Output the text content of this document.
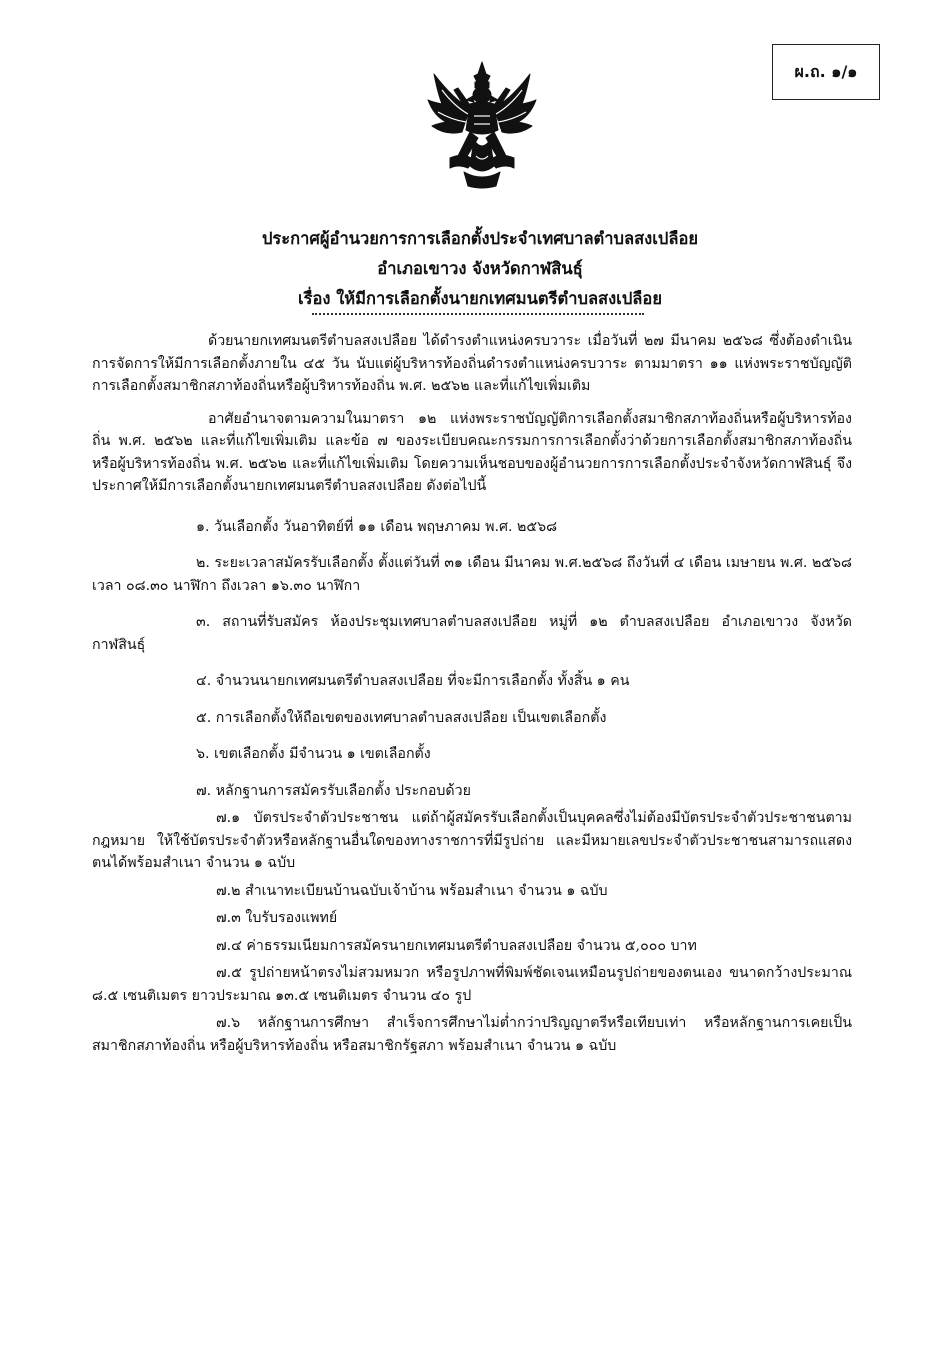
ผ.ถ. ๑/๑
ประกาศผู้อำนวยการการเลือกตั้งประจำเทศบาลตำบลสงเปลือย
อำเภอเขาวง จังหวัดกาฬสินธุ์
เรื่อง ให้มีการเลือกตั้งนายกเทศมนตรีตำบลสงเปลือย

ด้วยนายกเทศมนตรีตำบลสงเปลือย ได้ดำรงตำแหน่งครบวาระ เมื่อวันที่ ๒๗ มีนาคม ๒๕๖๘ ซึ่งต้องดำเนินการจัดการให้มีการเลือกตั้งภายใน ๔๕ วัน นับแต่ผู้บริหารท้องถิ่นดำรงตำแหน่งครบวาระ ตามมาตรา ๑๑ แห่งพระราชบัญญัติการเลือกตั้งสมาชิกสภาท้องถิ่นหรือผู้บริหารท้องถิ่น พ.ศ. ๒๕๖๒ และที่แก้ไขเพิ่มเติม

อาศัยอำนาจตามความในมาตรา ๑๒ แห่งพระราชบัญญัติการเลือกตั้งสมาชิกสภาท้องถิ่นหรือผู้บริหารท้องถิ่น พ.ศ. ๒๕๖๒ และที่แก้ไขเพิ่มเติม และข้อ ๗ ของระเบียบคณะกรรมการการเลือกตั้งว่าด้วยการเลือกตั้งสมาชิกสภาท้องถิ่นหรือผู้บริหารท้องถิ่น พ.ศ. ๒๕๖๒ และที่แก้ไขเพิ่มเติม โดยความเห็นชอบของผู้อำนวยการการเลือกตั้งประจำจังหวัดกาฬสินธุ์ จึงประกาศให้มีการเลือกตั้งนายกเทศมนตรีตำบลสงเปลือย ดังต่อไปนี้

๑. วันเลือกตั้ง วันอาทิตย์ที่ ๑๑ เดือน พฤษภาคม พ.ศ. ๒๕๖๘
๒. ระยะเวลาสมัครรับเลือกตั้ง ตั้งแต่วันที่ ๓๑ เดือน มีนาคม พ.ศ.๒๕๖๘ ถึงวันที่ ๔ เดือน เมษายน พ.ศ. ๒๕๖๘ เวลา ๐๘.๓๐ นาฬิกา ถึงเวลา ๑๖.๓๐ นาฬิกา
๓. สถานที่รับสมัคร ห้องประชุมเทศบาลตำบลสงเปลือย หมู่ที่ ๑๒ ตำบลสงเปลือย อำเภอเขาวง จังหวัดกาฬสินธุ์
๔. จำนวนนายกเทศมนตรีตำบลสงเปลือย ที่จะมีการเลือกตั้ง ทั้งสิ้น ๑ คน
๕. การเลือกตั้งให้ถือเขตของเทศบาลตำบลสงเปลือย เป็นเขตเลือกตั้ง
๖. เขตเลือกตั้ง มีจำนวน ๑ เขตเลือกตั้ง
๗. หลักฐานการสมัครรับเลือกตั้ง ประกอบด้วย
๗.๑ บัตรประจำตัวประชาชน แต่ถ้าผู้สมัครรับเลือกตั้งเป็นบุคคลซึ่งไม่ต้องมีบัตรประจำตัวประชาชนตามกฎหมาย ให้ใช้บัตรประจำตัวหรือหลักฐานอื่นใดของทางราชการที่มีรูปถ่าย และมีหมายเลขประจำตัวประชาชนสามารถแสดงตนได้พร้อมสำเนา จำนวน ๑ ฉบับ
๗.๒ สำเนาทะเบียนบ้านฉบับเจ้าบ้าน พร้อมสำเนา จำนวน ๑ ฉบับ
๗.๓ ใบรับรองแพทย์
๗.๔ ค่าธรรมเนียมการสมัครนายกเทศมนตรีตำบลสงเปลือย จำนวน ๕,๐๐๐ บาท
๗.๕ รูปถ่ายหน้าตรงไม่สวมหมวก หรือรูปภาพที่พิมพ์ชัดเจนเหมือนรูปถ่ายของตนเอง ขนาดกว้างประมาณ ๘.๕ เซนติเมตร ยาวประมาณ ๑๓.๕ เซนติเมตร จำนวน ๔๐ รูป
๗.๖ หลักฐานการศึกษา สำเร็จการศึกษาไม่ต่ำกว่าปริญญาตรีหรือเทียบเท่า หรือหลักฐานการเคยเป็นสมาชิกสภาท้องถิ่น หรือผู้บริหารท้องถิ่น หรือสมาชิกรัฐสภา พร้อมสำเนา จำนวน ๑ ฉบับ
